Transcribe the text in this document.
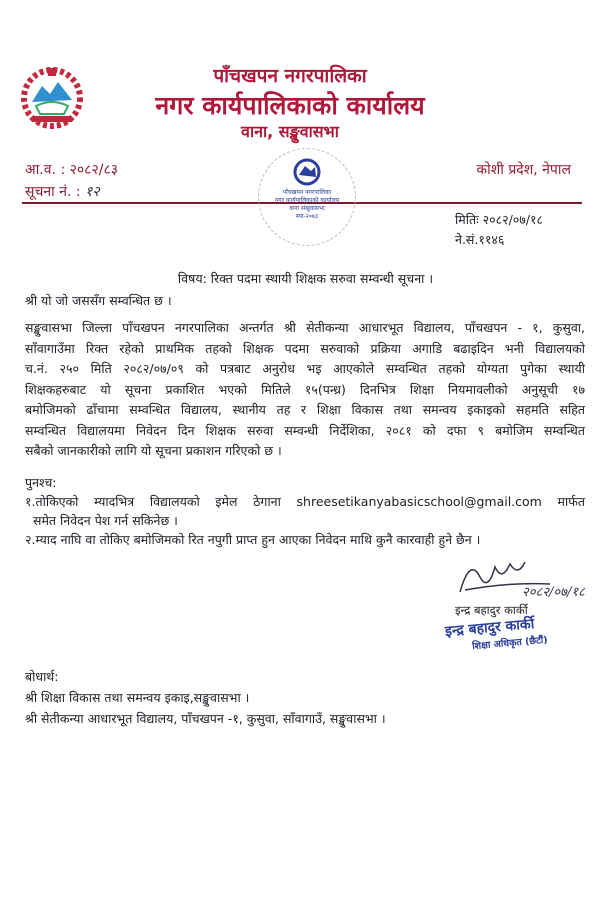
पाँचखपन नगरपालिका
नगर कार्यपालिकाको कार्यालय
वाना, सङ्खुवासभा
आ.व. : २०८२/८३
सूचना नं. : १२
कोशी प्रदेश, नेपाल
पाँचखपन नगरपालिका
नगर कार्यपालिकाको कार्यालय
वाना संखुवासभा
स्था-२०७३	मितिः २०८२/०७/१८
ने.सं.११४६
विषय: रिक्त पदमा स्थायी शिक्षक सरुवा सम्वन्धी सूचना ।
श्री यो जो जससँग सम्वन्धित छ ।
सङ्खुवासभा जिल्ला पाँचखपन नगरपालिका अन्तर्गत श्री सेतीकन्या आधारभूत विद्यालय, पाँचखपन - १, कुसुवा,
साँवागाउँमा रिक्त रहेको प्राथमिक तहको शिक्षक पदमा सरुवाको प्रक्रिया अगाडि बढाइदिन भनी विद्यालयको
च.नं. २५० मिति २०८२/०७/०९ को पत्रबाट अनुरोध भइ आएकोले सम्वन्धित तहको योग्यता पुगेका स्थायी
शिक्षकहरुबाट यो सूचना प्रकाशित भएको मितिले १५(पन्ध्र) दिनभित्र शिक्षा नियमावलीको अनुसूची १७
बमोजिमको ढाँचामा सम्वन्धित विद्यालय, स्थानीय तह र शिक्षा विकास तथा समन्वय इकाइको सहमति सहित
सम्वन्धित विद्यालयमा निवेदन दिन शिक्षक सरुवा सम्वन्धी निर्देशिका, २०८१ को दफा ९ बमोजिम सम्वन्धित
सबैको जानकारीको लागि यो सूचना प्रकाशन गरिएको छ ।
पुनश्च:
१.तोकिएको म्यादभित्र विद्यालयको इमेल ठेगाना shreesetikanyabasicschool@gmail.com मार्फत
समेत निवेदन पेश गर्न सकिनेछ ।
२.म्याद नाघि वा तोकिए बमोजिमको रित नपुगी प्राप्त हुन आएका निवेदन माथि कुनै कारवाही हुने छैन ।
२०८२/०७/१८
इन्द्र बहादुर कार्की
इन्द्र बहादुर कार्की
शिक्षा अधिकृत (छैटौं)
बोधार्थ:
श्री शिक्षा विकास तथा समन्वय इकाइ,सङ्खुवासभा ।
श्री सेतीकन्या आधारभूत विद्यालय, पाँचखपन -१, कुसुवा, साँवागाउँ, सङ्खुवासभा ।
